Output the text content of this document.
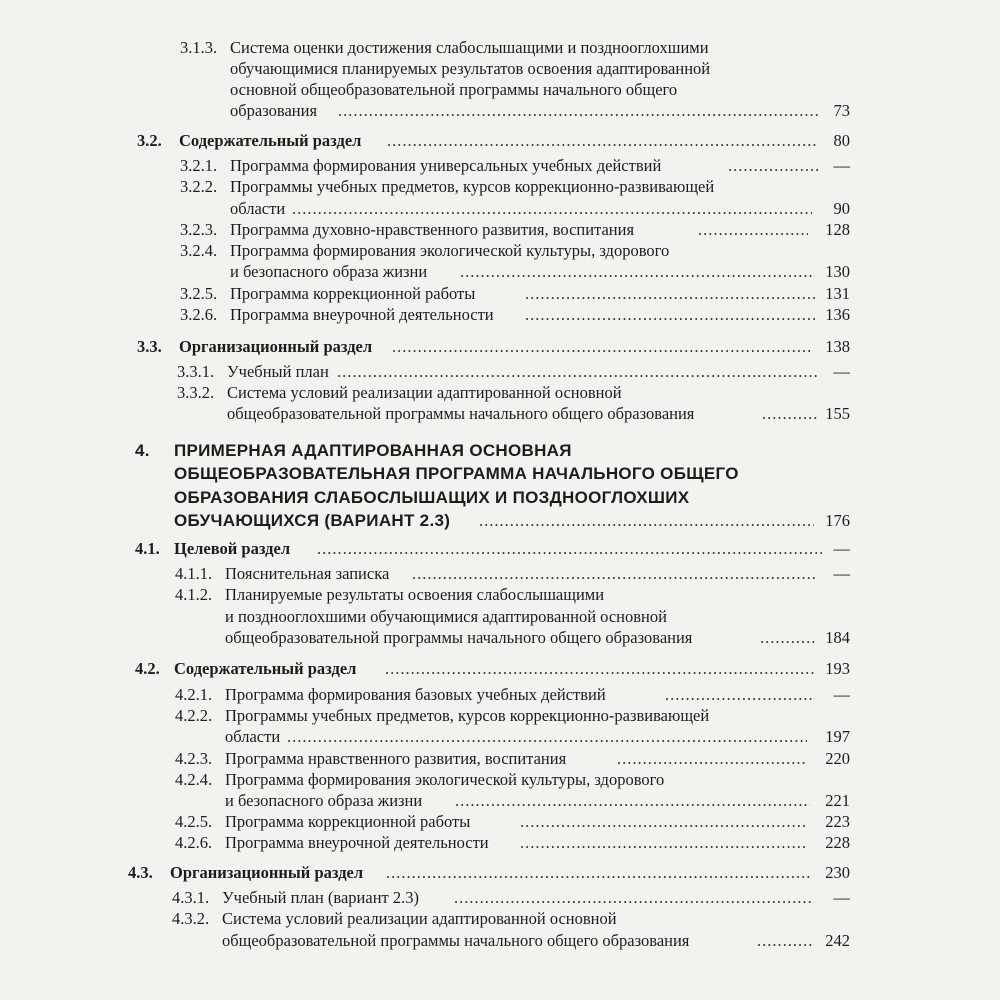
3.1.3. Система оценки достижения слабослышащими и позднооглохшими
обучающимися планируемых результатов освоения адаптированной
основной общеобразовательной программы начального общего
образования .....	73
3.2. Содержательный раздел .....	80
3.2.1. Программа формирования универсальных учебных действий .....	—
3.2.2. Программы учебных предметов, курсов коррекционно-развивающей
области .....	90
3.2.3. Программа духовно-нравственного развития, воспитания .....	128
3.2.4. Программа формирования экологической культуры, здорового
и безопасного образа жизни .....	130
3.2.5. Программа коррекционной работы .....	131
3.2.6. Программа внеурочной деятельности .....	136
3.3. Организационный раздел .....	138
3.3.1. Учебный план .....	—
3.3.2. Система условий реализации адаптированной основной
общеобразовательной программы начального общего образования .....	155
4. ПРИМЕРНАЯ АДАПТИРОВАННАЯ ОСНОВНАЯ
ОБЩЕОБРАЗОВАТЕЛЬНАЯ ПРОГРАММА НАЧАЛЬНОГО ОБЩЕГО
ОБРАЗОВАНИЯ СЛАБОСЛЫШАЩИХ И ПОЗДНООГЛОХШИХ
ОБУЧАЮЩИХСЯ (ВАРИАНТ 2.3) .....	176
4.1. Целевой раздел .....	—
4.1.1. Пояснительная записка .....	—
4.1.2. Планируемые результаты освоения слабослышащими
и позднооглохшими обучающимися адаптированной основной
общеобразовательной программы начального общего образования .....	184
4.2. Содержательный раздел .....	193
4.2.1. Программа формирования базовых учебных действий .....	—
4.2.2. Программы учебных предметов, курсов коррекционно-развивающей
области .....	197
4.2.3. Программа нравственного развития, воспитания .....	220
4.2.4. Программа формирования экологической культуры, здорового
и безопасного образа жизни .....	221
4.2.5. Программа коррекционной работы .....	223
4.2.6. Программа внеурочной деятельности .....	228
4.3. Организационный раздел .....	230
4.3.1. Учебный план (вариант 2.3) .....	—
4.3.2. Система условий реализации адаптированной основной
общеобразовательной программы начального общего образования .....	242
